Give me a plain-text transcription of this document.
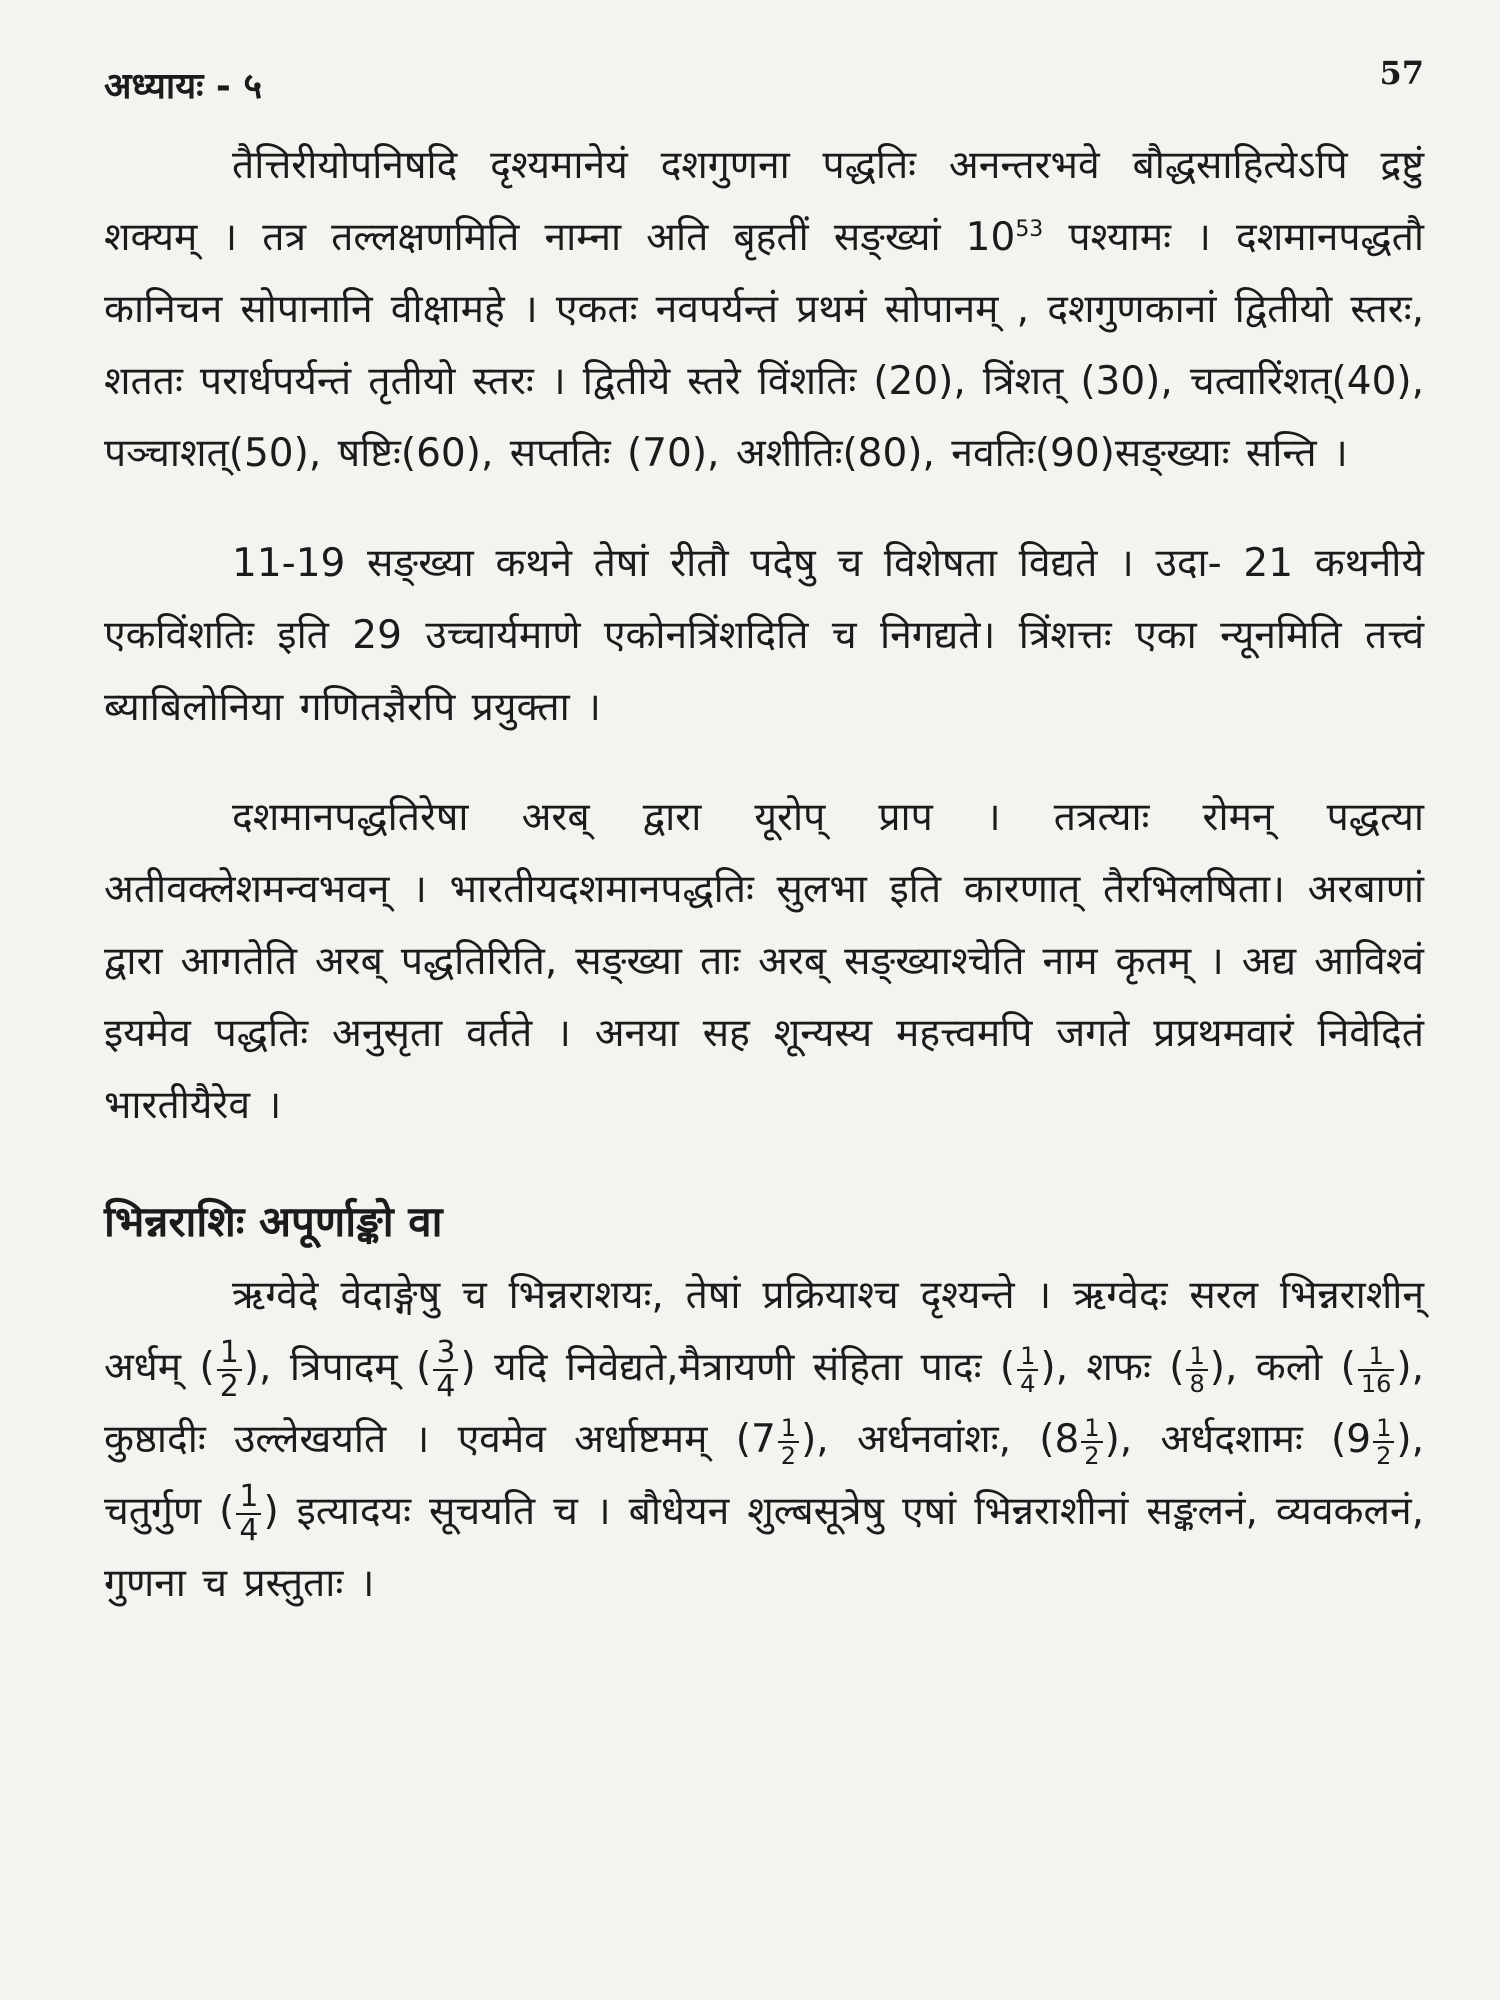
अध्यायः - ५	57

तैत्तिरीयोपनिषदि दृश्यमानेयं दशगुणना पद्धतिः अनन्तरभवे बौद्धसाहित्येऽपि द्रष्टुं शक्यम् । तत्र तल्लक्षणमिति नाम्ना अति बृहतीं सङ्ख्यां $10^{53}$ पश्यामः । दशमानपद्धतौ कानिचन सोपानानि वीक्षामहे । एकतः नवपर्यन्तं प्रथमं सोपानम् , दशगुणकानां द्वितीयो स्तरः, शततः परार्धपर्यन्तं तृतीयो स्तरः । द्वितीये स्तरे विंशतिः (20), त्रिंशत् (30), चत्वारिंशत्(40), पञ्चाशत्(50), षष्टिः(60), सप्ततिः (70), अशीतिः(80), नवतिः(90)सङ्ख्याः सन्ति ।

11-19 सङ्ख्या कथने तेषां रीतौ पदेषु च विशेषता विद्यते । उदा- 21 कथनीये एकविंशतिः इति 29 उच्चार्यमाणे एकोनत्रिंशदिति च निगद्यते। त्रिंशत्तः एका न्यूनमिति तत्त्वं ब्याबिलोनिया गणितज्ञैरपि प्रयुक्ता ।

दशमानपद्धतिरेषा अरब् द्वारा यूरोप् प्राप । तत्रत्याः रोमन् पद्धत्या अतीवक्लेशमन्वभवन् । भारतीयदशमानपद्धतिः सुलभा इति कारणात् तैरभिलषिता। अरबाणां द्वारा आगतेति अरब् पद्धतिरिति, सङ्ख्या ताः अरब् सङ्ख्याश्चेति नाम कृतम् । अद्य आविश्वं इयमेव पद्धतिः अनुसृता वर्तते । अनया सह शून्यस्य महत्त्वमपि जगते प्रप्रथमवारं निवेदितं भारतीयैरेव ।

भिन्नराशिः अपूर्णाङ्को वा

ऋग्वेदे वेदाङ्गेषु च भिन्नराशयः, तेषां प्रक्रियाश्च दृश्यन्ते । ऋग्वेदः सरल भिन्नराशीन् अर्धम् ( $\frac{1}{2}$ ), त्रिपादम् ( $\frac{3}{4}$ ) यदि निवेद्यते,मैत्रायणी संहिता पादः ( $\frac{1}{4}$ ), शफः ( $\frac{1}{8}$ ), कलो ( $\frac{1}{16}$ ), कुष्ठादीः उल्लेखयति । एवमेव अर्धाष्टमम् ($7 \frac{1}{2}$ ), अर्धनवांशः, ($8 \frac{1}{2}$ ), अर्धदशामः ($9 \frac{1}{2}$ ), चतुर्गुण ( $\frac{1}{4}$ ) इत्यादयः सूचयति च । बौधेयन शुल्बसूत्रेषु एषां भिन्नराशीनां सङ्कलनं, व्यवकलनं, गुणना च प्रस्तुताः ।
